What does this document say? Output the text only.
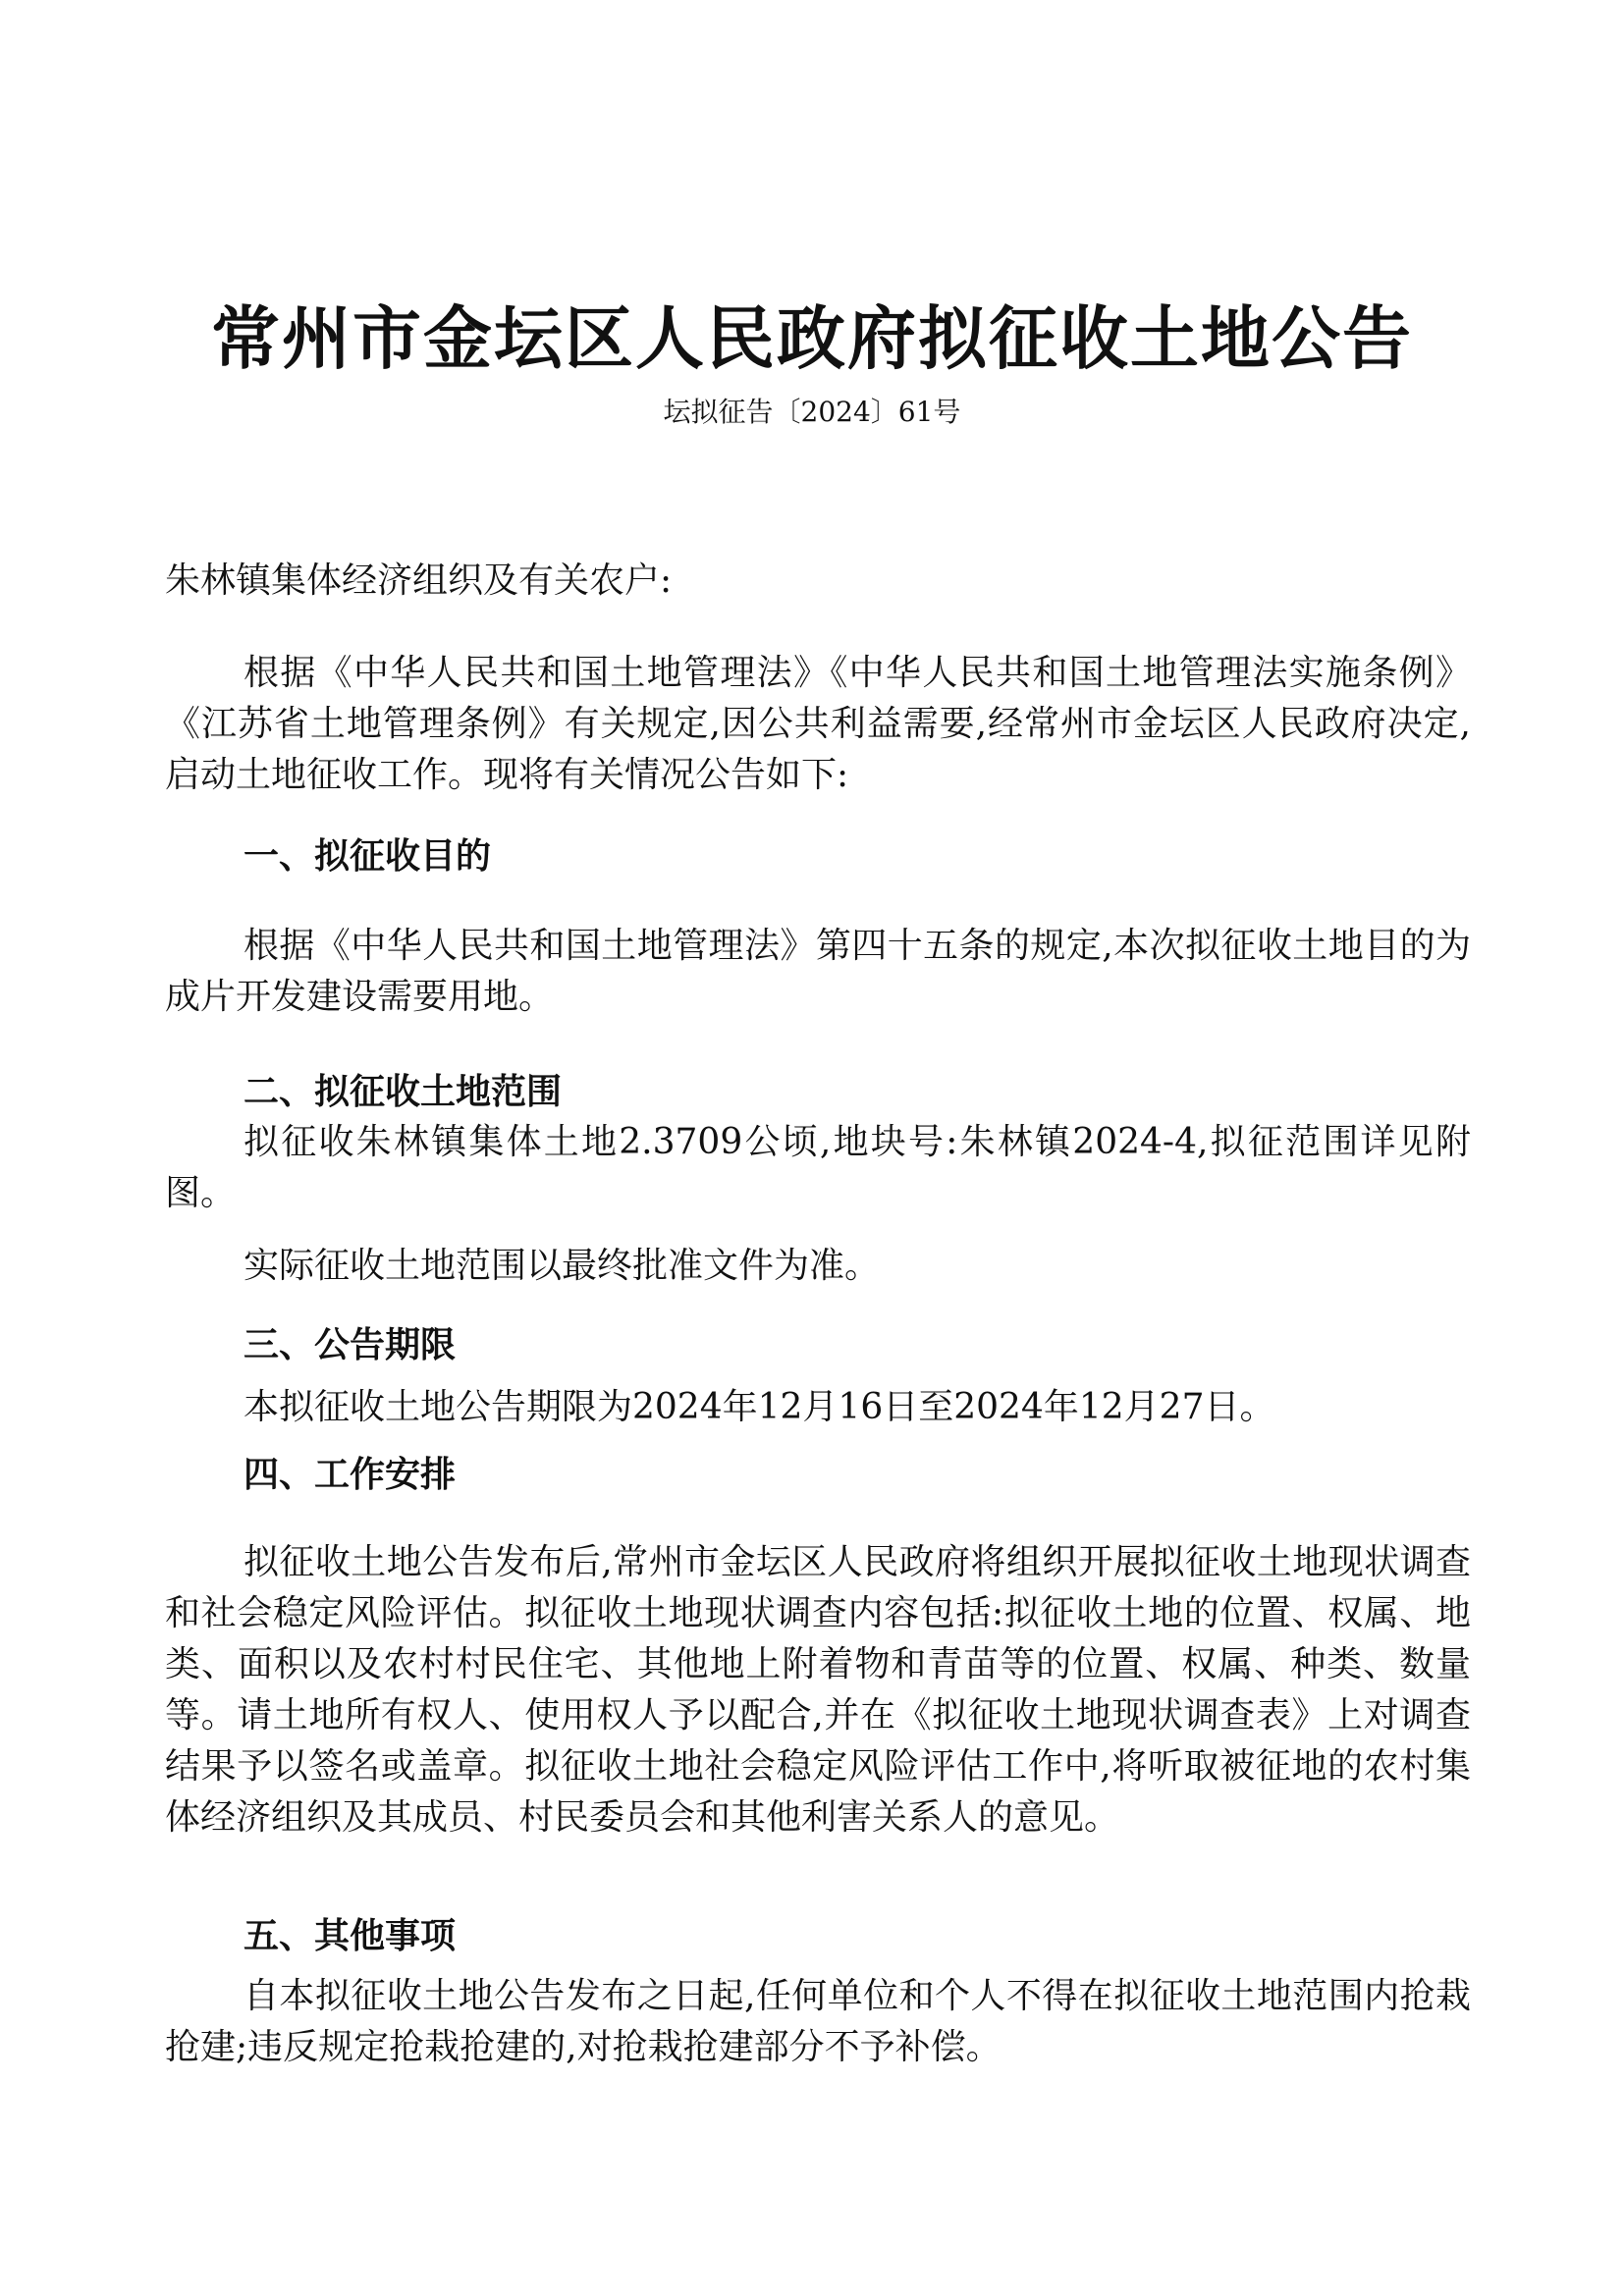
常州市金坛区人民政府拟征收土地公告
坛拟征告〔2024〕61号

朱林镇集体经济组织及有关农户:

根据《中华人民共和国土地管理法》《中华人民共和国土地管理法实施条例》《江苏省土地管理条例》有关规定,因公共利益需要,经常州市金坛区人民政府决定,启动土地征收工作。现将有关情况公告如下:

一、拟征收目的

根据《中华人民共和国土地管理法》第四十五条的规定,本次拟征收土地目的为成片开发建设需要用地。

二、拟征收土地范围

拟征收朱林镇集体土地2.3709公顷,地块号:朱林镇2024-4,拟征范围详见附图。

实际征收土地范围以最终批准文件为准。

三、公告期限

本拟征收土地公告期限为2024年12月16日至2024年12月27日。

四、工作安排

拟征收土地公告发布后,常州市金坛区人民政府将组织开展拟征收土地现状调查和社会稳定风险评估。拟征收土地现状调查内容包括:拟征收土地的位置、权属、地类、面积以及农村村民住宅、其他地上附着物和青苗等的位置、权属、种类、数量等。请土地所有权人、使用权人予以配合,并在《拟征收土地现状调查表》上对调查结果予以签名或盖章。拟征收土地社会稳定风险评估工作中,将听取被征地的农村集体经济组织及其成员、村民委员会和其他利害关系人的意见。

五、其他事项

自本拟征收土地公告发布之日起,任何单位和个人不得在拟征收土地范围内抢栽抢建;违反规定抢栽抢建的,对抢栽抢建部分不予补偿。
